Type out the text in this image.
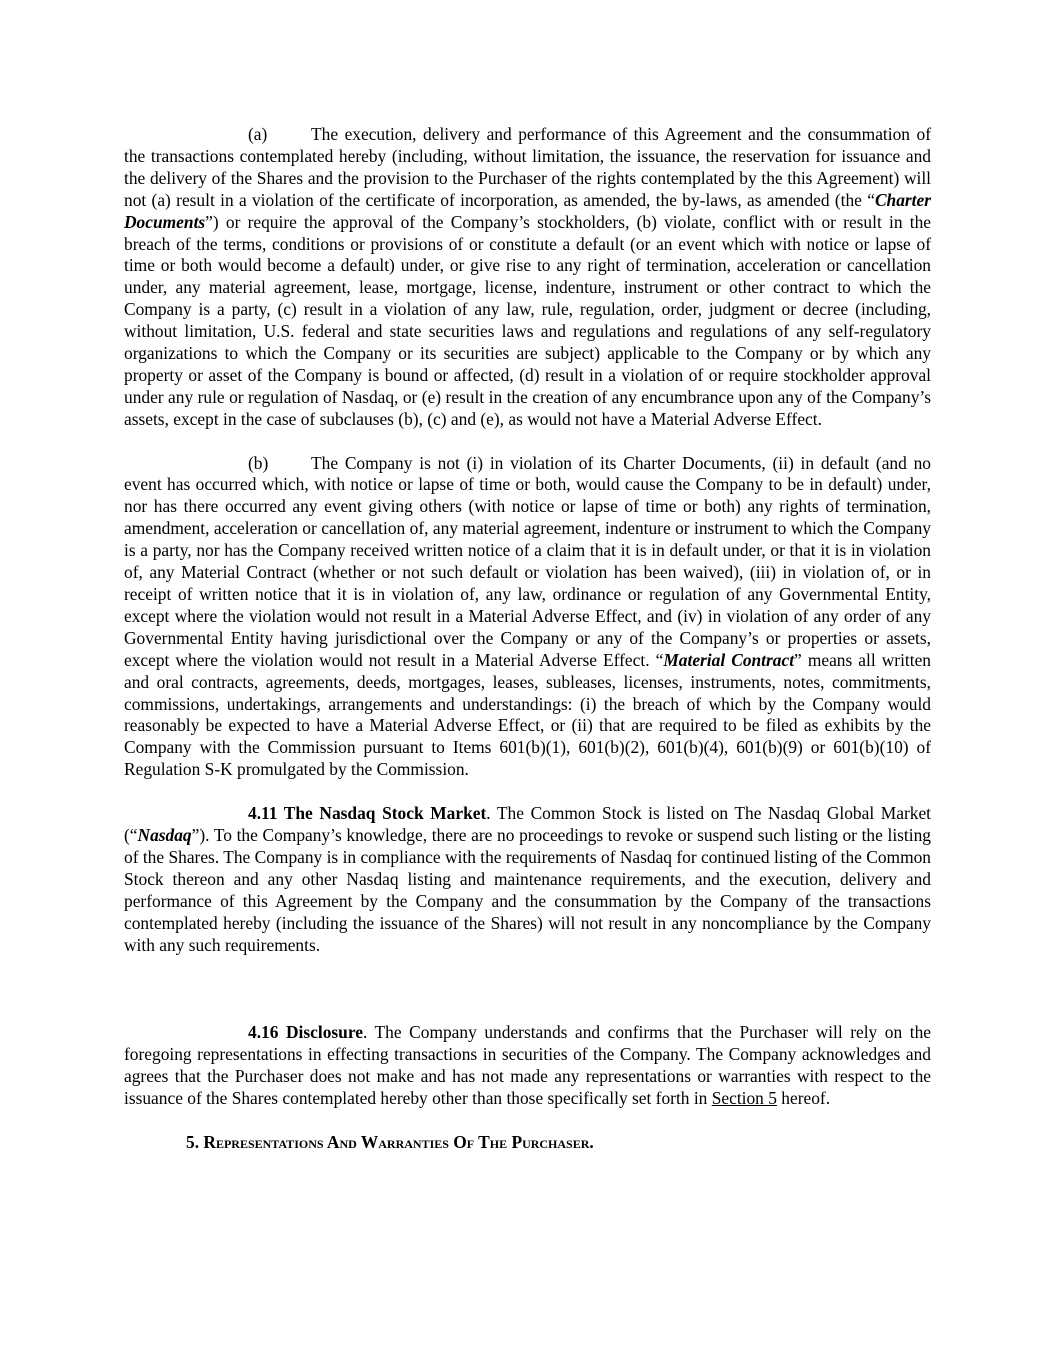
(a)	The execution, delivery and performance of this Agreement and the consummation of the transactions contemplated hereby (including, without limitation, the issuance, the reservation for issuance and the delivery of the Shares and the provision to the Purchaser of the rights contemplated by the this Agreement) will not (a) result in a violation of the certificate of incorporation, as amended, the by-laws, as amended (the “Charter Documents”) or require the approval of the Company’s stockholders, (b) violate, conflict with or result in the breach of the terms, conditions or provisions of or constitute a default (or an event which with notice or lapse of time or both would become a default) under, or give rise to any right of termination, acceleration or cancellation under, any material agreement, lease, mortgage, license, indenture, instrument or other contract to which the Company is a party, (c) result in a violation of any law, rule, regulation, order, judgment or decree (including, without limitation, U.S. federal and state securities laws and regulations and regulations of any self-regulatory organizations to which the Company or its securities are subject) applicable to the Company or by which any property or asset of the Company is bound or affected, (d) result in a violation of or require stockholder approval under any rule or regulation of Nasdaq, or (e) result in the creation of any encumbrance upon any of the Company’s assets, except in the case of subclauses (b), (c) and (e), as would not have a Material Adverse Effect.

(b) The Company is not (i) in violation of its Charter Documents, (ii) in default (and no event has occurred which, with notice or lapse of time or both, would cause the Company to be in default) under, nor has there occurred any event giving others (with notice or lapse of time or both) any rights of termination, amendment, acceleration or cancellation of, any material agreement, indenture or instrument to which the Company is a party, nor has the Company received written notice of a claim that it is in default under, or that it is in violation of, any Material Contract (whether or not such default or violation has been waived), (iii) in violation of, or in receipt of written notice that it is in violation of, any law, ordinance or regulation of any Governmental Entity, except where the violation would not result in a Material Adverse Effect, and (iv) in violation of any order of any Governmental Entity having jurisdictional over the Company or any of the Company’s or properties or assets, except where the violation would not result in a Material Adverse Effect. “Material Contract” means all written and oral contracts, agreements, deeds, mortgages, leases, subleases, licenses, instruments, notes, commitments, commissions, undertakings, arrangements and understandings: (i) the breach of which by the Company would reasonably be expected to have a Material Adverse Effect, or (ii) that are required to be filed as exhibits by the Company with the Commission pursuant to Items 601(b)(1), 601(b)(2), 601(b)(4), 601(b)(9) or 601(b)(10) of Regulation S-K promulgated by the Commission.

4.11 The Nasdaq Stock Market. The Common Stock is listed on The Nasdaq Global Market (“Nasdaq”). To the Company’s knowledge, there are no proceedings to revoke or suspend such listing or the listing of the Shares. The Company is in compliance with the requirements of Nasdaq for continued listing of the Common Stock thereon and any other Nasdaq listing and maintenance requirements, and the execution, delivery and performance of this Agreement by the Company and the consummation by the Company of the transactions contemplated hereby (including the issuance of the Shares) will not result in any noncompliance by the Company with any such requirements.

4.16 Disclosure. The Company understands and confirms that the Purchaser will rely on the foregoing representations in effecting transactions in securities of the Company. The Company acknowledges and agrees that the Purchaser does not make and has not made any representations or warranties with respect to the issuance of the Shares contemplated hereby other than those specifically set forth in Section 5 hereof.

5. Representations And Warranties Of The Purchaser.
